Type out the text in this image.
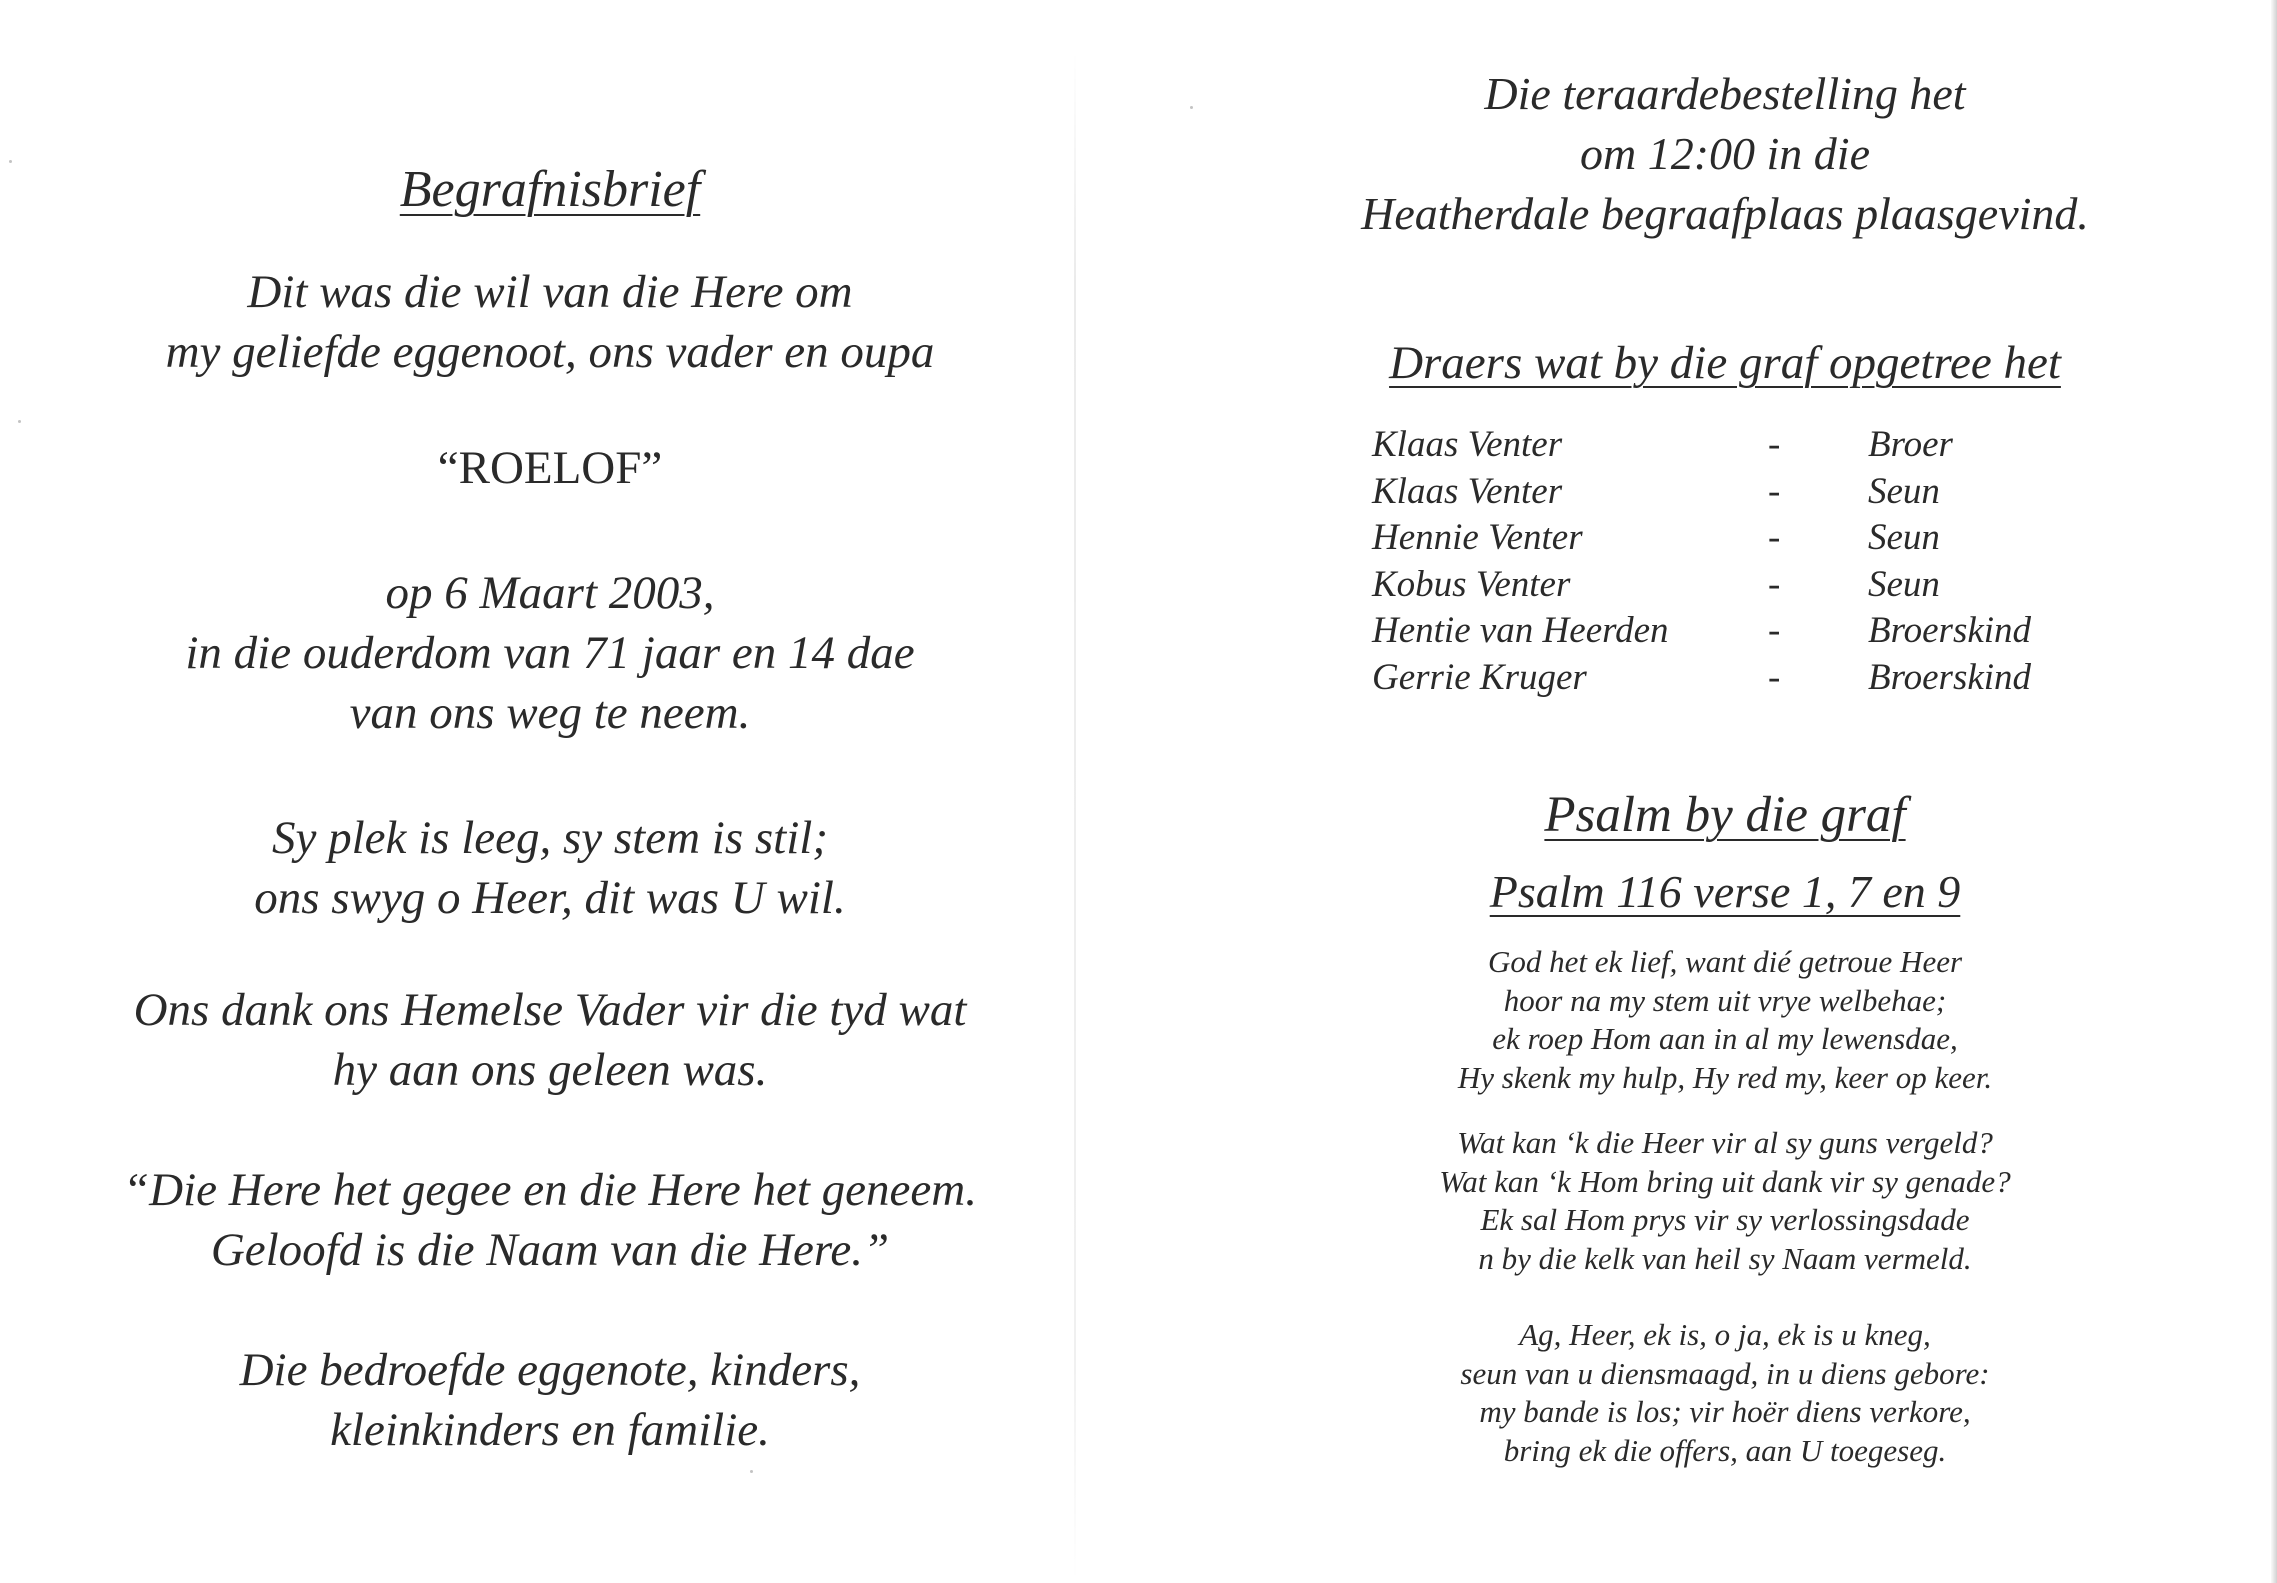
Begrafnisbrief
Dit was die wil van die Here om
my geliefde eggenoot, ons vader en oupa
“ROELOF”
op 6 Maart 2003,
in die ouderdom van 71 jaar en 14 dae
van ons weg te neem.
Sy plek is leeg, sy stem is stil;
ons swyg o Heer, dit was U wil.
Ons dank ons Hemelse Vader vir die tyd wat
hy aan ons geleen was.
“Die Here het gegee en die Here het geneem.
Geloofd is die Naam van die Here.”
Die bedroefde eggenote, kinders,
kleinkinders en familie.
Die teraardebestelling het
om 12:00 in die
Heatherdale begraafplaas plaasgevind.
Draers wat by die graf opgetree het
Klaas Venter	- Broer
Klaas Venter	- Seun
Hennie Venter	- Seun
Kobus Venter	- Seun
Hentie van Heerden	- Broerskind
Gerrie Kruger	- Broerskind
Psalm by die graf
Psalm 116 verse 1, 7 en 9
God het ek lief, want dié getroue Heer
hoor na my stem uit vrye welbehae;
ek roep Hom aan in al my lewensdae,
Hy skenk my hulp, Hy red my, keer op keer.
Wat kan ‘k die Heer vir al sy guns vergeld?
Wat kan ‘k Hom bring uit dank vir sy genade?
Ek sal Hom prys vir sy verlossingsdade
n by die kelk van heil sy Naam vermeld.
Ag, Heer, ek is, o ja, ek is u kneg,
seun van u diensmaagd, in u diens gebore:
my bande is los; vir hoër diens verkore,
bring ek die offers, aan U toegeseg.
